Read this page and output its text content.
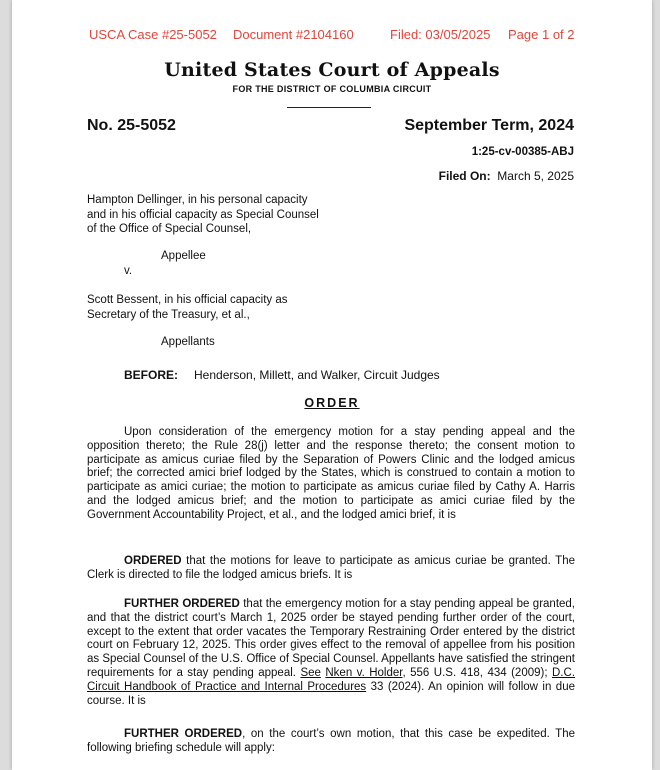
USCA Case #25-5052 Document #2104160	Filed: 03/05/2025 Page 1 of 2
United States Court of Appeals
FOR THE DISTRICT OF COLUMBIA CIRCUIT
No. 25-5052	September Term, 2024
1:25-cv-00385-ABJ
Filed On: March 5, 2025
Hampton Dellinger, in his personal capacity
and in his official capacity as Special Counsel
of the Office of Special Counsel,
Appellee
v.
Scott Bessent, in his official capacity as
Secretary of the Treasury, et al.,
Appellants
BEFORE: Henderson, Millett, and Walker, Circuit Judges
ORDER
Upon consideration of the emergency motion for a stay pending appeal and the opposition thereto; the Rule 28(j) letter and the response thereto; the consent motion to participate as amicus curiae filed by the Separation of Powers Clinic and the lodged amicus brief; the corrected amici brief lodged by the States, which is construed to contain a motion to participate as amici curiae; the motion to participate as amicus curiae filed by Cathy A. Harris and the lodged amicus brief; and the motion to participate as amici curiae filed by the Government Accountability Project, et al., and the lodged amici brief, it is
ORDERED that the motions for leave to participate as amicus curiae be granted. The Clerk is directed to file the lodged amicus briefs. It is
FURTHER ORDERED that the emergency motion for a stay pending appeal be granted, and that the district court’s March 1, 2025 order be stayed pending further order of the court, except to the extent that order vacates the Temporary Restraining Order entered by the district court on February 12, 2025. This order gives effect to the removal of appellee from his position as Special Counsel of the U.S. Office of Special Counsel. Appellants have satisfied the stringent requirements for a stay pending appeal. See Nken v. Holder, 556 U.S. 418, 434 (2009); D.C. Circuit Handbook of Practice and Internal Procedures 33 (2024). An opinion will follow in due course. It is
FURTHER ORDERED, on the court’s own motion, that this case be expedited. The following briefing schedule will apply:
